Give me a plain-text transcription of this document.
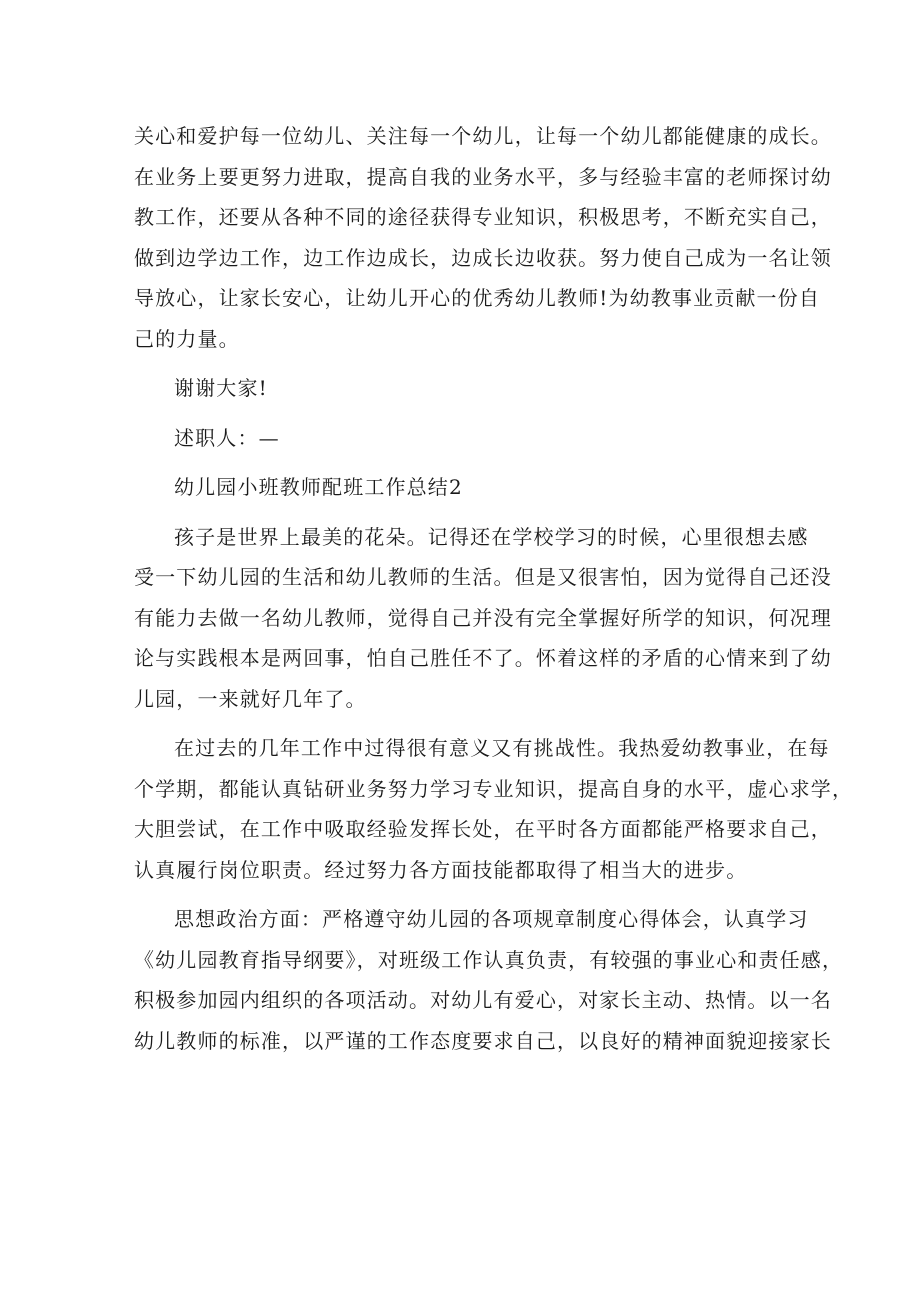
关心和爱护每一位幼儿、关注每一个幼儿，让每一个幼儿都能健康的成长。
在业务上要更努力进取，提高自我的业务水平，多与经验丰富的老师探讨幼
教工作，还要从各种不同的途径获得专业知识，积极思考，不断充实自己，
做到边学边工作，边工作边成长，边成长边收获。努力使自己成为一名让领
导放心，让家长安心，让幼儿开心的优秀幼儿教师!为幼教事业贡献一份自
己的力量。

谢谢大家!

述职人：—

幼儿园小班教师配班工作总结2

孩子是世界上最美的花朵。记得还在学校学习的时候，心里很想去感
受一下幼儿园的生活和幼儿教师的生活。但是又很害怕，因为觉得自己还没
有能力去做一名幼儿教师，觉得自己并没有完全掌握好所学的知识，何况理
论与实践根本是两回事，怕自己胜任不了。怀着这样的矛盾的心情来到了幼
儿园，一来就好几年了。

在过去的几年工作中过得很有意义又有挑战性。我热爱幼教事业，在每
个学期，都能认真钻研业务努力学习专业知识，提高自身的水平，虚心求学，
大胆尝试，在工作中吸取经验发挥长处，在平时各方面都能严格要求自己，
认真履行岗位职责。经过努力各方面技能都取得了相当大的进步。

思想政治方面：严格遵守幼儿园的各项规章制度心得体会，认真学习
《幼儿园教育指导纲要》，对班级工作认真负责，有较强的事业心和责任感，
积极参加园内组织的各项活动。对幼儿有爱心，对家长主动、热情。以一名
幼儿教师的标准，以严谨的工作态度要求自己，以良好的精神面貌迎接家长
